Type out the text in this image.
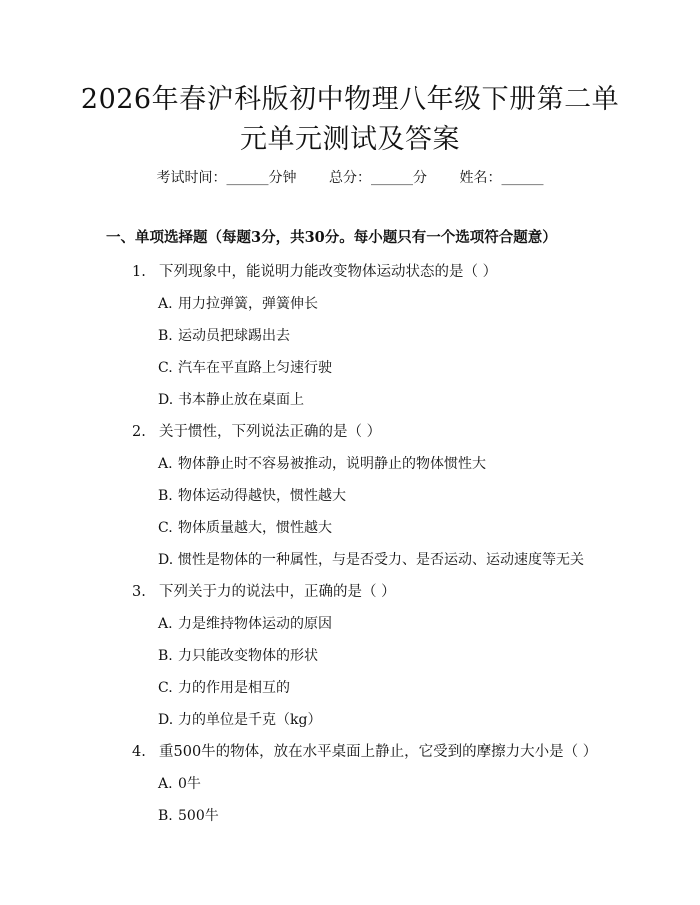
2026年春沪科版初中物理八年级下册第二单
元单元测试及答案
考试时间：______分钟 总分：______分 姓名：______
一、单项选择题（每题3分，共30分。每小题只有一个选项符合题意）
1. 下列现象中，能说明力能改变物体运动状态的是（ ）
A. 用力拉弹簧，弹簧伸长
B. 运动员把球踢出去
C. 汽车在平直路上匀速行驶
D. 书本静止放在桌面上
2. 关于惯性，下列说法正确的是（ ）
A. 物体静止时不容易被推动，说明静止的物体惯性大
B. 物体运动得越快，惯性越大
C. 物体质量越大，惯性越大
D. 惯性是物体的一种属性，与是否受力、是否运动、运动速度等无关
3. 下列关于力的说法中，正确的是（ ）
A. 力是维持物体运动的原因
B. 力只能改变物体的形状
C. 力的作用是相互的
D. 力的单位是千克（kg）
4. 重500牛的物体，放在水平桌面上静止，它受到的摩擦力大小是（ ）
A. 0牛
B. 500牛
